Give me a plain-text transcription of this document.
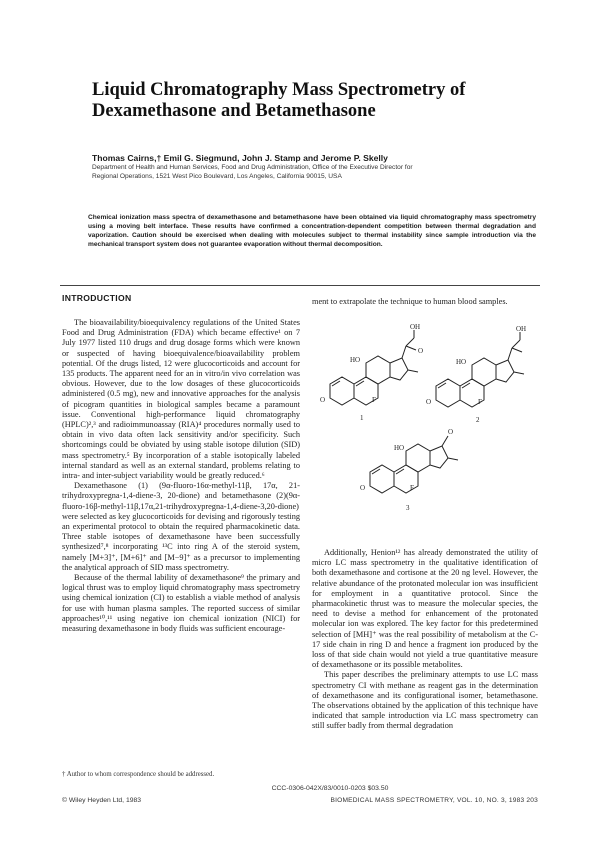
Liquid Chromatography Mass Spectrometry of
Dexamethasone and Betamethasone
Thomas Cairns,† Emil G. Siegmund, John J. Stamp and Jerome P. Skelly
Department of Health and Human Services, Food and Drug Administration, Office of the Executive Director for
Regional Operations, 1521 West Pico Boulevard, Los Angeles, California 90015, USA
Chemical ionization mass spectra of dexamethasone and betamethasone have been obtained via liquid chromatography mass spectrometry using a moving belt interface. These results have confirmed a concentration-dependent competition between thermal degradation and vaporization. Caution should be exercised when dealing with molecules subject to thermal instability since sample introduction via the mechanical transport system does not guarantee evaporation without thermal decomposition.
INTRODUCTION

The bioavailability/bioequivalency regulations of the United States Food and Drug Administration (FDA) which became effective¹ on 7 July 1977 listed 110 drugs and drug dosage forms which were known or suspected of having bioequivalence/bioavailability problem potential. Of the drugs listed, 12 were glucocorticoids and account for 135 products. The apparent need for an in vitro/in vivo correlation was obvious. However, due to the low dosages of these glucocorticoids administered (0.5 mg), new and innovative approaches for the analysis of picogram quantities in biological samples became a paramount issue. Conventional high-performance liquid chromatography (HPLC)²,³ and radioimmunoassay (RIA)⁴ procedures normally used to obtain in vivo data often lack sensitivity and/or specificity. Such shortcomings could be obviated by using stable isotope dilution (SID) mass spectrometry.⁵ By incorporation of a stable isotopically labeled internal standard as well as an external standard, problems relating to intra- and inter-subject variability would be greatly reduced.⁶

Dexamethasone (1) (9α-fluoro-16α-methyl-11β, 17α, 21-trihydroxypregna-1,4-diene-3, 20-dione) and betamethasone (2)(9α-fluoro-16β-methyl-11β,17α,21-trihydroxypregna-1,4-diene-3,20-dione) were selected as key glucocorticoids for devising and rigorously testing an experimental protocol to obtain the required pharmacokinetic data. Three stable isotopes of dexamethasone have been successfully synthesized⁷,⁸ incorporating ¹³C into ring A of the steroid system, namely [M+3]⁺, [M+6]⁺ and [M−9]⁺ as a precursor to implementing the analytical approach of SID mass spectrometry.

Because of the thermal lability of dexamethasone⁹ the primary and logical thrust was to employ liquid chromatography mass spectrometry using chemical ionization (CI) to establish a viable method of analysis for use with human plasma samples. The reported success of similar approaches¹⁰,¹¹ using negative ion chemical ionization (NICI) for measuring dexamethasone in body fluids was sufficient encourage-

ment to extrapolate the technique to human blood samples.

OH
HO
O	F
O
1
OH
HO
O	F
2
HO
O	F
O
3

Additionally, Henion¹² has already demonstrated the utility of micro LC mass spectrometry in the qualitative identification of both dexamethasone and cortisone at the 20 ng level. However, the relative abundance of the protonated molecular ion was insufficient for employment in a quantitative protocol. Since the pharmacokinetic thrust was to measure the molecular species, the need to devise a method for enhancement of the protonated molecular ion was explored. The key factor for this predetermined selection of [MH]⁺ was the real possibility of metabolism at the C-17 side chain in ring D and hence a fragment ion produced by the loss of that side chain would not yield a true quantitative measure of dexamethasone or its possible metabolites.

This paper describes the preliminary attempts to use LC mass spectrometry CI with methane as reagent gas in the determination of dexamethasone and its configurational isomer, betamethasone. The observations obtained by the application of this technique have indicated that sample introduction via LC mass spectrometry can still suffer badly from thermal degradation

† Author to whom correspondence should be addressed.
CCC-0306-042X/83/0010-0203 $03.50
© Wiley Heyden Ltd, 1983	BIOMEDICAL MASS SPECTROMETRY, VOL. 10, NO. 3, 1983 203
